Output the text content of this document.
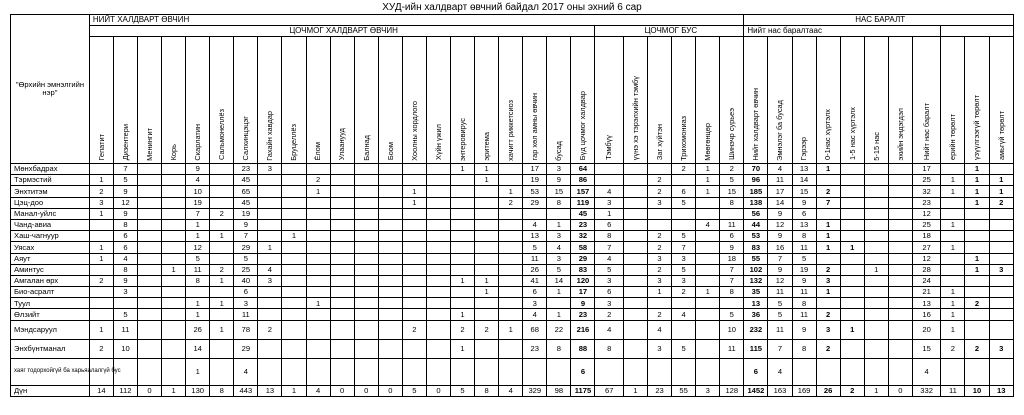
ХУД-ийн халдварт өвчний байдал 2017 оны эхний 6 сар
"Өрхийн эмнэлгийн нэр"	НИЙТ ХАЛДВАРТ ӨВЧИН																											НАС БАРАЛТ										
	ЦОЧМОГ ХАЛДВАРТ ӨВЧИН																					ЦОЧМОГ БУС						Нийт нас баралтаас										
	Гепатит	Дизентери	Менингит	Корь	Скарлатин	Сальмонеллёз	Салхинцэцэг	Гахайн хавдар	Бруцеллёз	Ёлом	Улаанууд	Балнад	Боом	Хоолны хордлого	Хүйн үжил	энтеровирус	эритема	хачигт риккетсиоз	гар хөл амны өвчин	бусад	Бүд цочмог халдвар	Тэмбүү	үүнэ хэ тэрэлхийн тэмбү	Заг хүйтэн	Трихомониаз	Мөөгөнцөр	Шинэчр сурьеэ	Нийт халдварт өвчин	Эмнэлэг ба бусад	Гэрээр	0-1нас хүртэлх	1-5 нас хүртэлх	5-15 нас	эхийн эндэгдэл	Нийт нас баралт	ерийн төрөлт	үзүүлгээгүй төрөлт	амьгүй төрөлт
Мөнхбадрах		7			9		23	3								1	1		17	3	64				2	1	2	70	4	13	1				17		1	
Тэрмэстий	1	5			4		45			2							1		19	9	86			2		1	5	96	11	14					25	1	1	1
Энхтитэм	2	9			10		65			1				1				1	53	15	157	4		2	6	1	15	185	17	15	2				32	1	1	1
Цэц-доо	3	12			19		45							1				2	29	8	119	3		3	5		8	138	14	9	7				23		1	2
Манал-уйлс	1	9			7	2	19														45	1						56	9	6					12			
Чанд-авиа		8			1		9												4	1	23	6				4	11	44	12	13	1				25	1		
Хаш-чагнуур		6			1	1	7		1										13	3	32	8		2	5		6	53	9	8	1				18			
Уясах	1	6			12		29	1											5	4	58	7		2	7		9	83	16	11	1	1			27	1		
Аяут	1	4			5		5												11	3	29	4		3	3		18	55	7	5					12		1	
Аминтус		8		1	11	2	25	4											26	5	83	5		2	5		7	102	9	19	2		1		28		1	3
Амгалан өрх	2	9			8	1	40	3								1	1		41	14	120	3		3	3		7	132	12	9	3				24			
Био-асралт		3					6										1		6	1	17	6		1	2	1	8	35	11	11	1				21	1		
Туул					1	1	3			1									3		9	3						13	5	8					13	1	2	
Өлзийт		5			1		11									1			4	1	23	2		2	4		5	36	5	11	2				16	1		
Мэндсаруул	1	11			26	1	78	2						2		2	2	1	68	22	216	4		4			10	232	11	9	3	1			20	1		
Энхбүнтманал	2	10			14		29									1			23	8	88	8		3	5		11	115	7	8	2				15	2	2	3
хаяг тодорхойгүй ба харьяалалгүй бус					1		4														6							6	4						4			
Дүн	14	112	0	1	130	8	443	13	1	4	0	0	0	5	0	5	8	4	329	98	1175	67	1	23	55	3	128	1452	163	169	26	2	1	0	332	11	10	13
